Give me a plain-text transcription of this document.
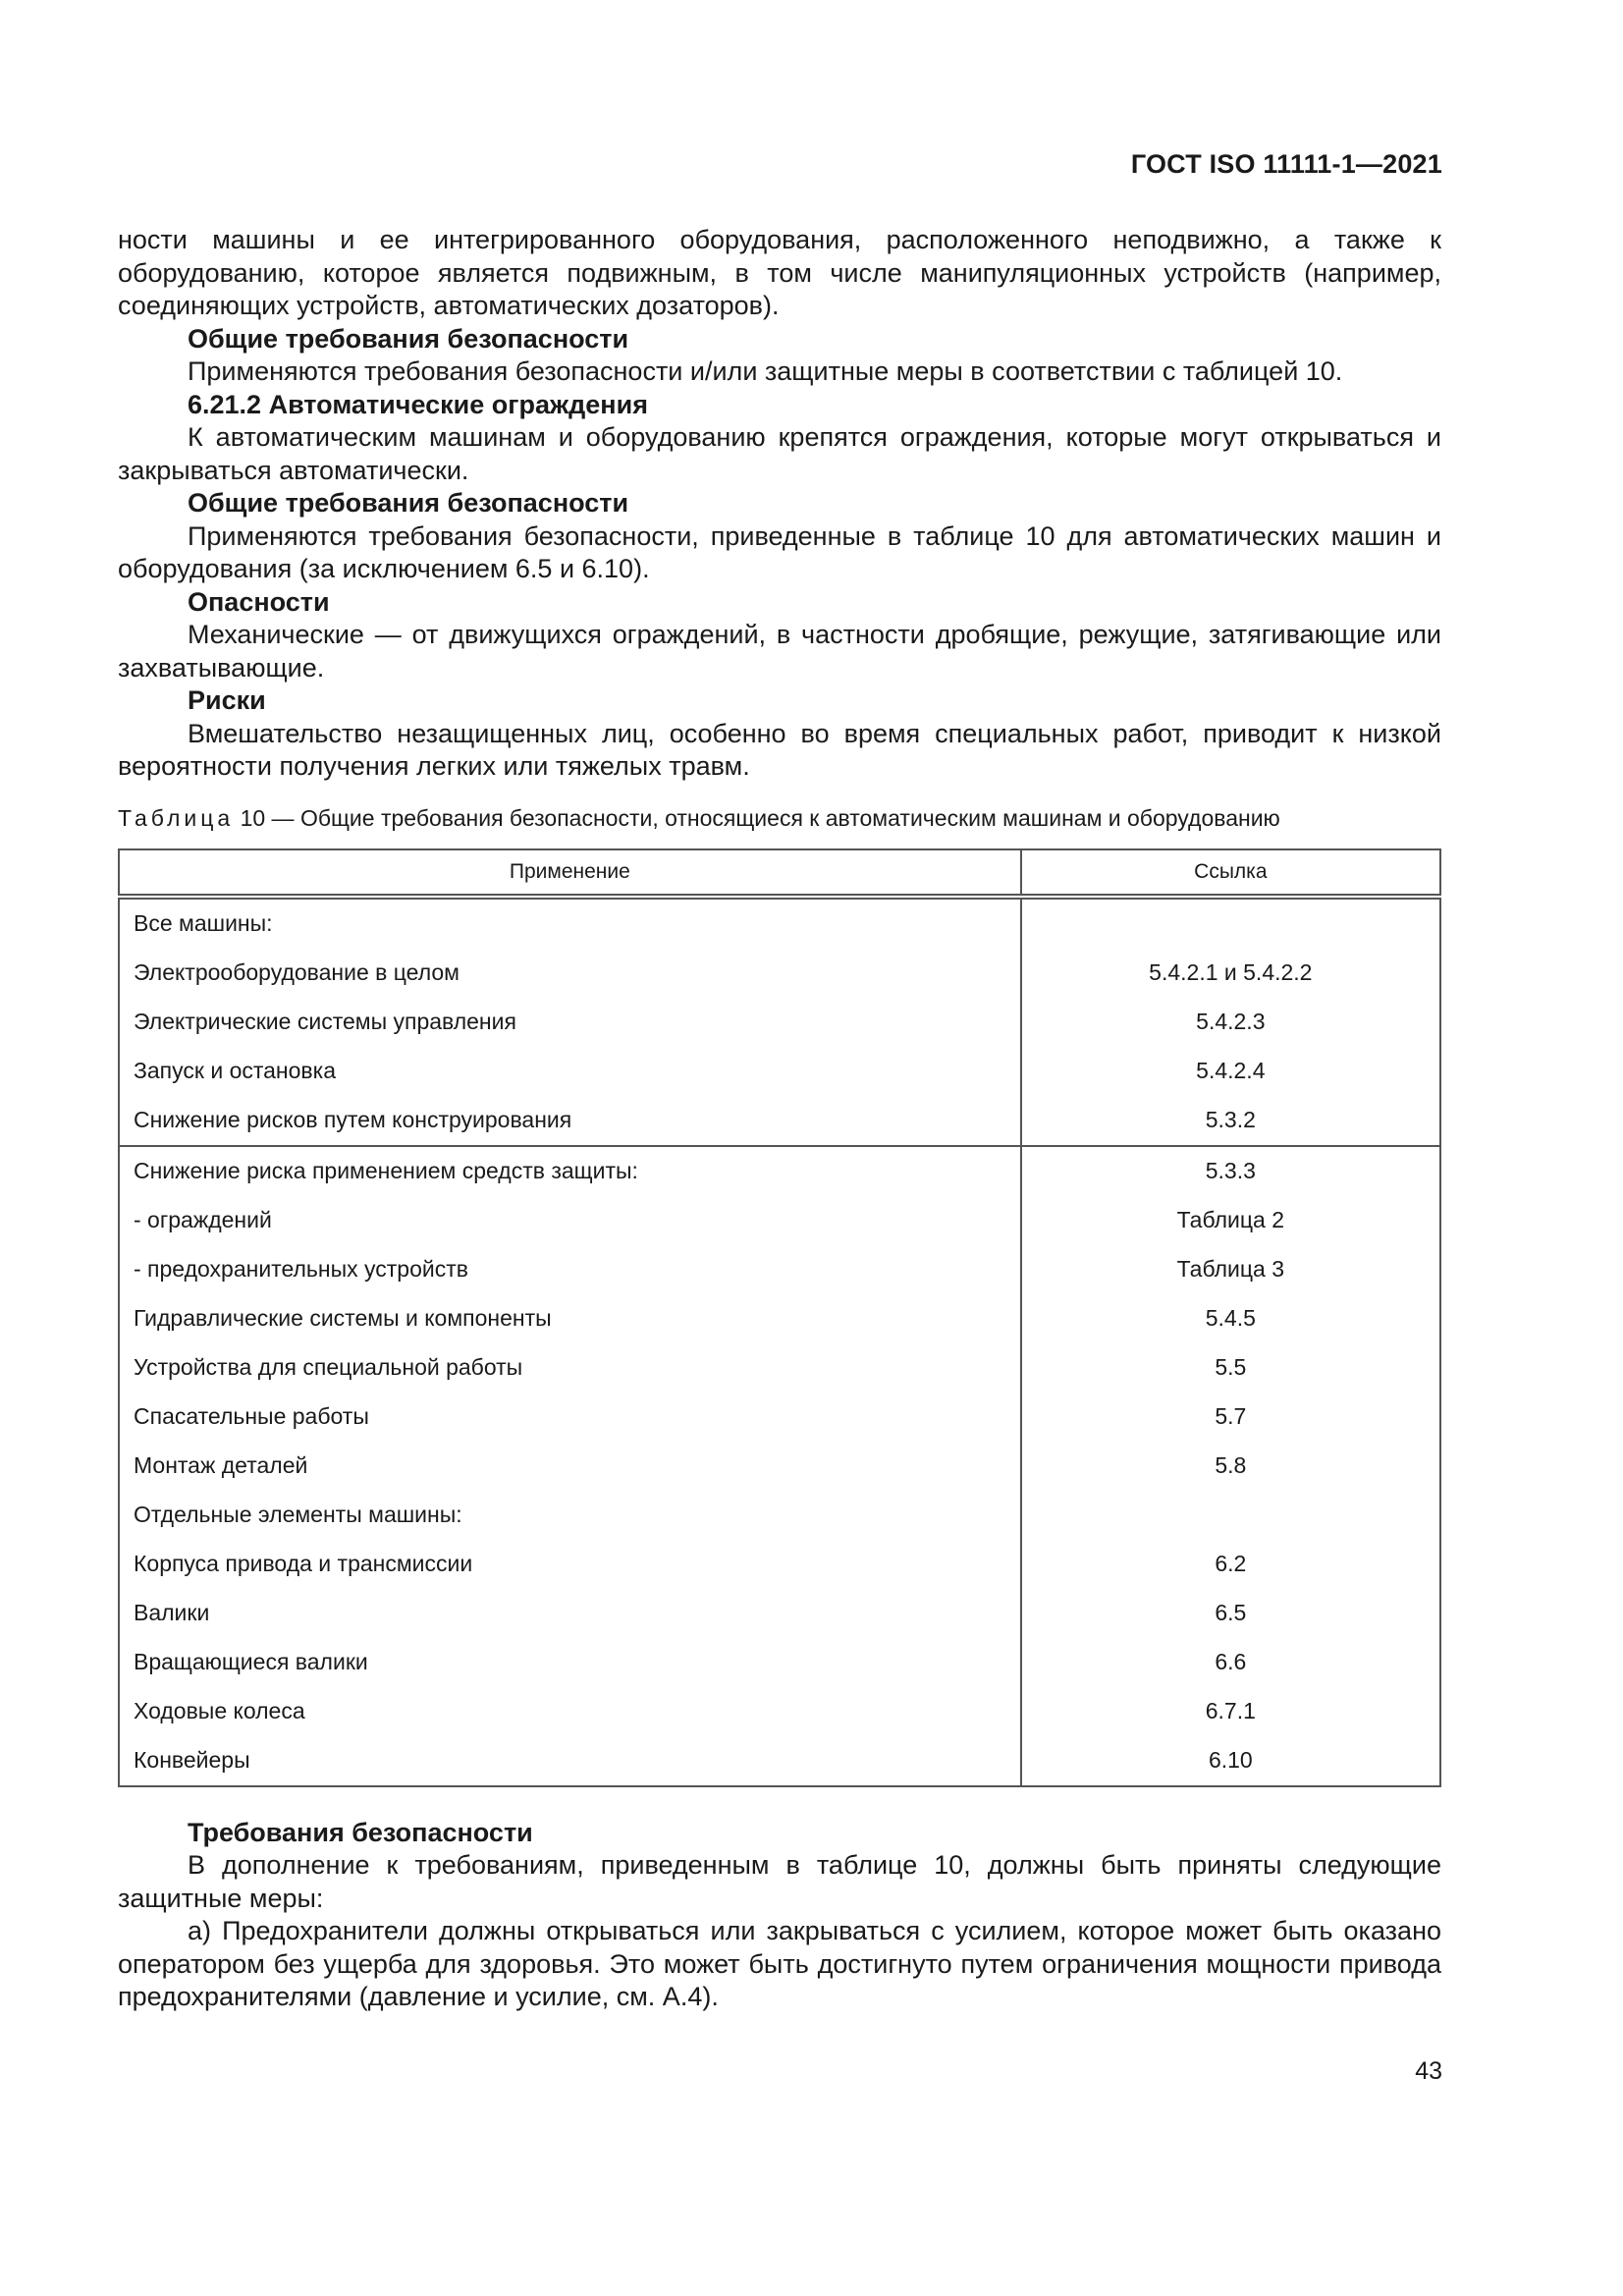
ГОСТ ISO 11111-1—2021

ности машины и ее интегрированного оборудования, расположенного неподвижно, а также к оборудованию, которое является подвижным, в том числе манипуляционных устройств (например, соединяющих устройств, автоматических дозаторов).

Общие требования безопасности

Применяются требования безопасности и/или защитные меры в соответствии с таблицей 10.

6.21.2 Автоматические ограждения

К автоматическим машинам и оборудованию крепятся ограждения, которые могут открываться и закрываться автоматически.

Общие требования безопасности

Применяются требования безопасности, приведенные в таблице 10 для автоматических машин и оборудования (за исключением 6.5 и 6.10).

Опасности

Механические — от движущихся ограждений, в частности дробящие, режущие, затягивающие или захватывающие.

Риски

Вмешательство незащищенных лиц, особенно во время специальных работ, приводит к низкой вероятности получения легких или тяжелых травм.

Таблица 10 — Общие требования безопасности, относящиеся к автоматическим машинам и оборудованию
Применение	Ссылка
Все машины:	
Электрооборудование в целом	5.4.2.1 и 5.4.2.2
Электрические системы управления	5.4.2.3
Запуск и остановка	5.4.2.4
Снижение рисков путем конструирования	5.3.2
Снижение риска применением средств защиты:	5.3.3
- ограждений	Таблица 2
- предохранительных устройств	Таблица 3
Гидравлические системы и компоненты	5.4.5
Устройства для специальной работы	5.5
Спасательные работы	5.7
Монтаж деталей	5.8
Отдельные элементы машины:	
Корпуса привода и трансмиссии	6.2
Валики	6.5
Вращающиеся валики	6.6
Ходовые колеса	6.7.1
Конвейеры	6.10

Требования безопасности

В дополнение к требованиям, приведенным в таблице 10, должны быть приняты следующие защитные меры:

а) Предохранители должны открываться или закрываться с усилием, которое может быть оказано оператором без ущерба для здоровья. Это может быть достигнуто путем ограничения мощности привода предохранителями (давление и усилие, см. А.4).

43
